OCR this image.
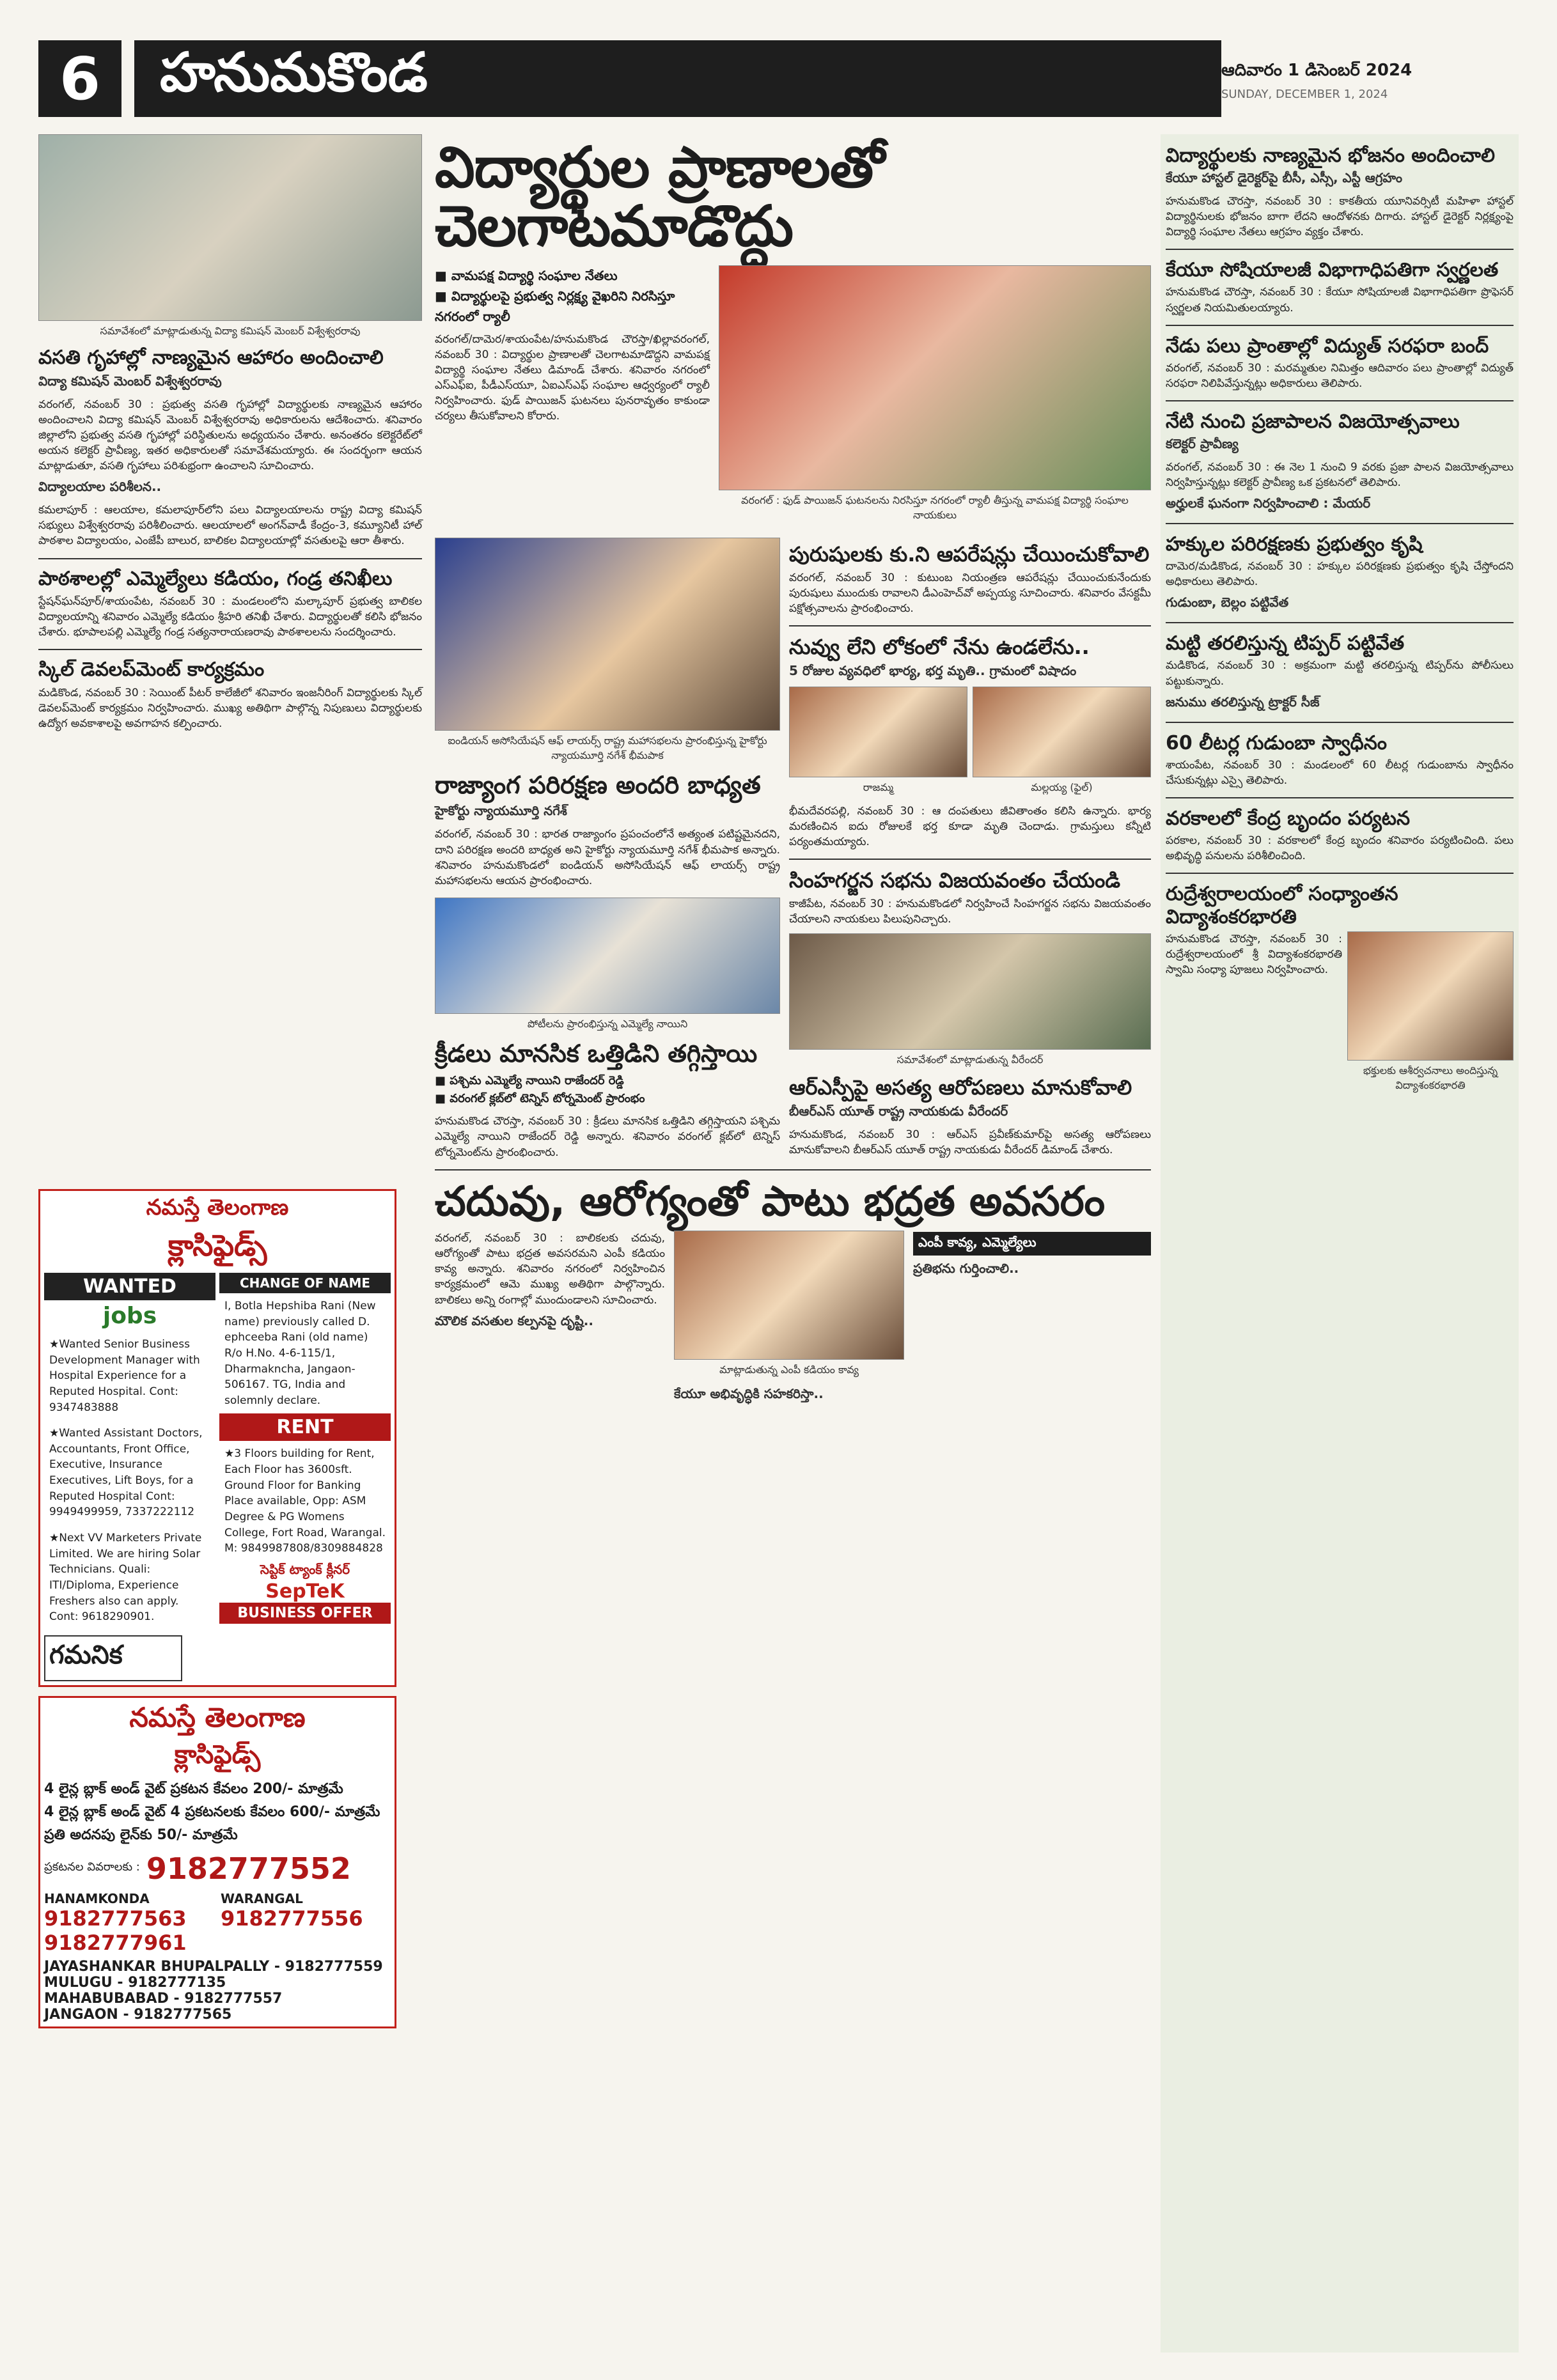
6	హనుమకొండ	ఆదివారం 1 డిసెంబర్ 2024
SUNDAY, DECEMBER 1, 2024
సమావేశంలో మాట్లాడుతున్న విద్యా కమిషన్ మెంబర్ విశ్వేశ్వరరావు
వసతి గృహాల్లో నాణ్యమైన ఆహారం అందించాలి
విద్యా కమిషన్ మెంబర్ విశ్వేశ్వరరావు
వరంగల్, నవంబర్ 30 : ప్రభుత్వ వసతి గృహాల్లో విద్యార్థులకు నాణ్యమైన ఆహారం అందించాలని విద్యా కమిషన్ మెంబర్ విశ్వేశ్వరరావు అధికారులను ఆదేశించారు. శనివారం జిల్లాలోని ప్రభుత్వ వసతి గృహాల్లో పరిస్థితులను అధ్యయనం చేశారు. అనంతరం కలెక్టరేట్‌లో అయన కలెక్టర్ ప్రావీణ్య, ఇతర అధికారులతో సమావేశమయ్యారు. ఈ సందర్భంగా ఆయన మాట్లాడుతూ, వసతి గృహాలు పరిశుభ్రంగా ఉంచాలని సూచించారు.
విద్యాలయాల పరిశీలన..
కమలాపూర్ : ఆలయాల, కమలాపూర్‌లోని పలు విద్యాలయాలను రాష్ట్ర విద్యా కమిషన్ సభ్యులు విశ్వేశ్వరరావు పరిశీలించారు. ఆలయాలలో అంగన్‌వాడీ కేంద్రం-3, కమ్యూనిటీ హాల్ పాఠశాల విద్యాలయం, ఎంజేపీ బాలుర, బాలికల విద్యాలయాల్లో వసతులపై ఆరా తీశారు.
పాఠశాలల్లో ఎమ్మెల్యేలు కడియం, గండ్ర తనిఖీలు
స్టేషన్‌ఘన్‌పూర్/శాయంపేట, నవంబర్ 30 : మండలంలోని మల్కాపూర్ ప్రభుత్వ బాలికల విద్యాలయాన్ని శనివారం ఎమ్మెల్యే కడియం శ్రీహరి తనిఖీ చేశారు. విద్యార్థులతో కలిసి భోజనం చేశారు. భూపాలపల్లి ఎమ్మెల్యే గండ్ర సత్యనారాయణరావు పాఠశాలలను సందర్శించారు.
స్కిల్ డెవలప్‌మెంట్ కార్యక్రమం
మడికొండ, నవంబర్ 30 : సెయింట్ పీటర్ కాలేజీలో శనివారం ఇంజనీరింగ్ విద్యార్థులకు స్కిల్ డెవలప్‌మెంట్ కార్యక్రమం నిర్వహించారు. ముఖ్య అతిథిగా పాల్గొన్న నిపుణులు విద్యార్థులకు ఉద్యోగ అవకాశాలపై అవగాహన కల్పించారు.
నమస్తే తెలంగాణ
క్లాసిఫైడ్స్
WANTED
jobs
★Wanted Senior Business Development Manager with Hospital Experience for a Reputed Hospital. Cont: 9347483888
★Wanted Assistant Doctors, Accountants, Front Office, Executive, Insurance Executives, Lift Boys, for a Reputed Hospital Cont: 9949499959, 7337222112
★Next VV Marketers Private Limited. We are hiring Solar Technicians. Quali: ITI/Diploma, Experience Freshers also can apply. Cont: 9618290901.
CHANGE OF NAME
I, Botla Hepshiba Rani (New name) previously called D. ephceeba Rani (old name) R/o H.No. 4-6-115/1, Dharmakncha, Jangaon-506167. TG, India and solemnly declare.
RENT
★3 Floors building for Rent, Each Floor has 3600sft. Ground Floor for Banking Place available, Opp: ASM Degree & PG Womens College, Fort Road, Warangal. M: 9849987808/8309884828
సెప్టిక్ ట్యాంక్ క్లీనర్
SepTeK
BUSINESS OFFER
గమనిక
నమస్తే తెలంగాణ
క్లాసిఫైడ్స్
4 లైన్ల బ్లాక్ అండ్ వైట్ ప్రకటన కేవలం 200/- మాత్రమే
4 లైన్ల బ్లాక్ అండ్ వైట్ 4 ప్రకటనలకు కేవలం 600/- మాత్రమే
ప్రతి అదనపు లైన్‌కు 50/- మాత్రమే
ప్రకటనల వివరాలకు : 9182777552
HANAMKONDA
9182777563
9182777961
WARANGAL
9182777556
JAYASHANKAR BHUPALPALLY - 9182777559
MULUGU - 9182777135
MAHABUBABAD - 9182777557
JANGAON - 9182777565
విద్యార్థుల ప్రాణాలతో చెలగాటమాడొద్దు
■ వామపక్ష విద్యార్థి సంఘాల నేతలు
■ విద్యార్థులపై ప్రభుత్వ నిర్లక్ష్య వైఖరిని నిరసిస్తూ నగరంలో ర్యాలీ
వరంగల్/దామెర/శాయంపేట/హనుమకొండ చౌరస్తా/ఖిల్లావరంగల్, నవంబర్ 30 : విద్యార్థుల ప్రాణాలతో చెలగాటమాడొద్దని వామపక్ష విద్యార్థి సంఘాల నేతలు డిమాండ్ చేశారు. శనివారం నగరంలో ఎస్ఎఫ్ఐ, పీడీఎస్‌యూ, ఏఐఎస్ఎఫ్ సంఘాల ఆధ్వర్యంలో ర్యాలీ నిర్వహించారు. ఫుడ్ పాయిజన్ ఘటనలు పునరావృతం కాకుండా చర్యలు తీసుకోవాలని కోరారు.
వరంగల్ : ఫుడ్ పాయిజన్ ఘటనలను నిరసిస్తూ నగరంలో ర్యాలీ తీస్తున్న వామపక్ష విద్యార్థి సంఘాల నాయకులు
ఐండియన్ అసోసియేషన్ ఆఫ్ లాయర్స్ రాష్ట్ర మహాసభలను ప్రారంభిస్తున్న హైకోర్టు న్యాయమూర్తి నగేశ్ భీమపాక
రాజ్యాంగ పరిరక్షణ అందరి బాధ్యత
హైకోర్టు న్యాయమూర్తి నగేశ్
వరంగల్, నవంబర్ 30 : భారత రాజ్యాంగం ప్రపంచంలోనే అత్యంత పటిష్టమైనదని, దాని పరిరక్షణ అందరి బాధ్యత అని హైకోర్టు న్యాయమూర్తి నగేశ్ భీమపాక అన్నారు. శనివారం హనుమకొండలో ఐండియన్ అసోసియేషన్ ఆఫ్ లాయర్స్ రాష్ట్ర మహాసభలను ఆయన ప్రారంభించారు.
పోటీలను ప్రారంభిస్తున్న ఎమ్మెల్యే నాయిని
క్రీడలు మానసిక ఒత్తిడిని తగ్గిస్తాయి
■ పశ్చిమ ఎమ్మెల్యే నాయిని రాజేందర్ రెడ్డి
■ వరంగల్ క్లబ్‌లో టెన్నిస్ టోర్నమెంట్ ప్రారంభం
హనుమకొండ చౌరస్తా, నవంబర్ 30 : క్రీడలు మానసిక ఒత్తిడిని తగ్గిస్తాయని పశ్చిమ ఎమ్మెల్యే నాయిని రాజేందర్ రెడ్డి అన్నారు. శనివారం వరంగల్ క్లబ్‌లో టెన్నిస్ టోర్నమెంట్‌ను ప్రారంభించారు.
పురుషులకు కు.ని ఆపరేషన్లు చేయించుకోవాలి
వరంగల్, నవంబర్ 30 : కుటుంబ నియంత్రణ ఆపరేషన్లు చేయించుకునేందుకు పురుషులు ముందుకు రావాలని డీఎంహెచ్‌వో అప్పయ్య సూచించారు. శనివారం వేసక్టమీ పక్షోత్సవాలను ప్రారంభించారు.
నువ్వు లేని లోకంలో నేను ఉండలేను..
5 రోజుల వ్యవధిలో భార్య, భర్త మృతి.. గ్రామంలో విషాదం
రాజమ్మ	మల్లయ్య (ఫైల్)
భీమదేవరపల్లి, నవంబర్ 30 : ఆ దంపతులు జీవితాంతం కలిసి ఉన్నారు. భార్య మరణించిన ఐదు రోజులకే భర్త కూడా మృతి చెందాడు. గ్రామస్తులు కన్నీటి పర్యంతమయ్యారు.
సింహగర్జన సభను విజయవంతం చేయండి
కాజీపేట, నవంబర్ 30 : హనుమకొండలో నిర్వహించే సింహగర్జన సభను విజయవంతం చేయాలని నాయకులు పిలుపునిచ్చారు.
సమావేశంలో మాట్లాడుతున్న వీరేందర్
ఆర్ఎస్పీపై అసత్య ఆరోపణలు మానుకోవాలి
బీఆర్ఎస్ యూత్ రాష్ట్ర నాయకుడు వీరేందర్
హనుమకొండ, నవంబర్ 30 : ఆర్ఎస్ ప్రవీణ్‌కుమార్‌పై అసత్య ఆరోపణలు మానుకోవాలని బీఆర్ఎస్ యూత్ రాష్ట్ర నాయకుడు వీరేందర్ డిమాండ్ చేశారు.
చదువు, ఆరోగ్యంతో పాటు భద్రత అవసరం
వరంగల్, నవంబర్ 30 : బాలికలకు చదువు, ఆరోగ్యంతో పాటు భద్రత అవసరమని ఎంపీ కడియం కావ్య అన్నారు. శనివారం నగరంలో నిర్వహించిన కార్యక్రమంలో ఆమె ముఖ్య అతిథిగా పాల్గొన్నారు. బాలికలు అన్ని రంగాల్లో ముందుండాలని సూచించారు.
మౌలిక వసతుల కల్పనపై దృష్టి..
మాట్లాడుతున్న ఎంపీ కడియం కావ్య
కేయూ అభివృద్ధికి సహకరిస్తా..
ఎంపీ కావ్య, ఎమ్మెల్యేలు
ప్రతిభను గుర్తించాలి..
విద్యార్థులకు నాణ్యమైన భోజనం అందించాలి
కేయూ హాస్టల్ డైరెక్టర్‌పై బీసీ, ఎస్సీ, ఎస్టీ ఆగ్రహం
హనుమకొండ చౌరస్తా, నవంబర్ 30 : కాకతీయ యూనివర్సిటీ మహిళా హాస్టల్ విద్యార్థినులకు భోజనం బాగా లేదని ఆందోళనకు దిగారు. హాస్టల్ డైరెక్టర్ నిర్లక్ష్యంపై విద్యార్థి సంఘాల నేతలు ఆగ్రహం వ్యక్తం చేశారు.
కేయూ సోషియాలజీ విభాగాధిపతిగా స్వర్ణలత
హనుమకొండ చౌరస్తా, నవంబర్ 30 : కేయూ సోషియాలజీ విభాగాధిపతిగా ప్రొఫెసర్ స్వర్ణలత నియమితులయ్యారు.
నేడు పలు ప్రాంతాల్లో విద్యుత్ సరఫరా బంద్
వరంగల్, నవంబర్ 30 : మరమ్మతుల నిమిత్తం ఆదివారం పలు ప్రాంతాల్లో విద్యుత్ సరఫరా నిలిపివేస్తున్నట్లు అధికారులు తెలిపారు.
నేటి నుంచి ప్రజాపాలన విజయోత్సవాలు
కలెక్టర్ ప్రావీణ్య
వరంగల్, నవంబర్ 30 : ఈ నెల 1 నుంచి 9 వరకు ప్రజా పాలన విజయోత్సవాలు నిర్వహిస్తున్నట్లు కలెక్టర్ ప్రావీణ్య ఒక ప్రకటనలో తెలిపారు.
అర్హులకే ఘనంగా నిర్వహించాలి : మేయర్
హక్కుల పరిరక్షణకు ప్రభుత్వం కృషి
దామెర/మడికొండ, నవంబర్ 30 : హక్కుల పరిరక్షణకు ప్రభుత్వం కృషి చేస్తోందని అధికారులు తెలిపారు.
గుడుంబా, బెల్లం పట్టివేత
మట్టి తరలిస్తున్న టిప్పర్ పట్టివేత
మడికొండ, నవంబర్ 30 : అక్రమంగా మట్టి తరలిస్తున్న టిప్పర్‌ను పోలీసులు పట్టుకున్నారు.
జనుము తరలిస్తున్న ట్రాక్టర్ సీజ్
60 లీటర్ల గుడుంబా స్వాధీనం
శాయంపేట, నవంబర్ 30 : మండలంలో 60 లీటర్ల గుడుంబాను స్వాధీనం చేసుకున్నట్లు ఎస్సై తెలిపారు.
వరకాలలో కేంద్ర బృందం పర్యటన
పరకాల, నవంబర్ 30 : వరకాలలో కేంద్ర బృందం శనివారం పర్యటించింది. పలు అభివృద్ధి పనులను పరిశీలించింది.
రుద్రేశ్వరాలయంలో సంధ్యాంతన విద్యాశంకరభారతి
హనుమకొండ చౌరస్తా, నవంబర్ 30 : రుద్రేశ్వరాలయంలో శ్రీ విద్యాశంకరభారతి స్వామి సంధ్యా పూజలు నిర్వహించారు.
భక్తులకు ఆశీర్వచనాలు అందిస్తున్న విద్యాశంకరభారతి
